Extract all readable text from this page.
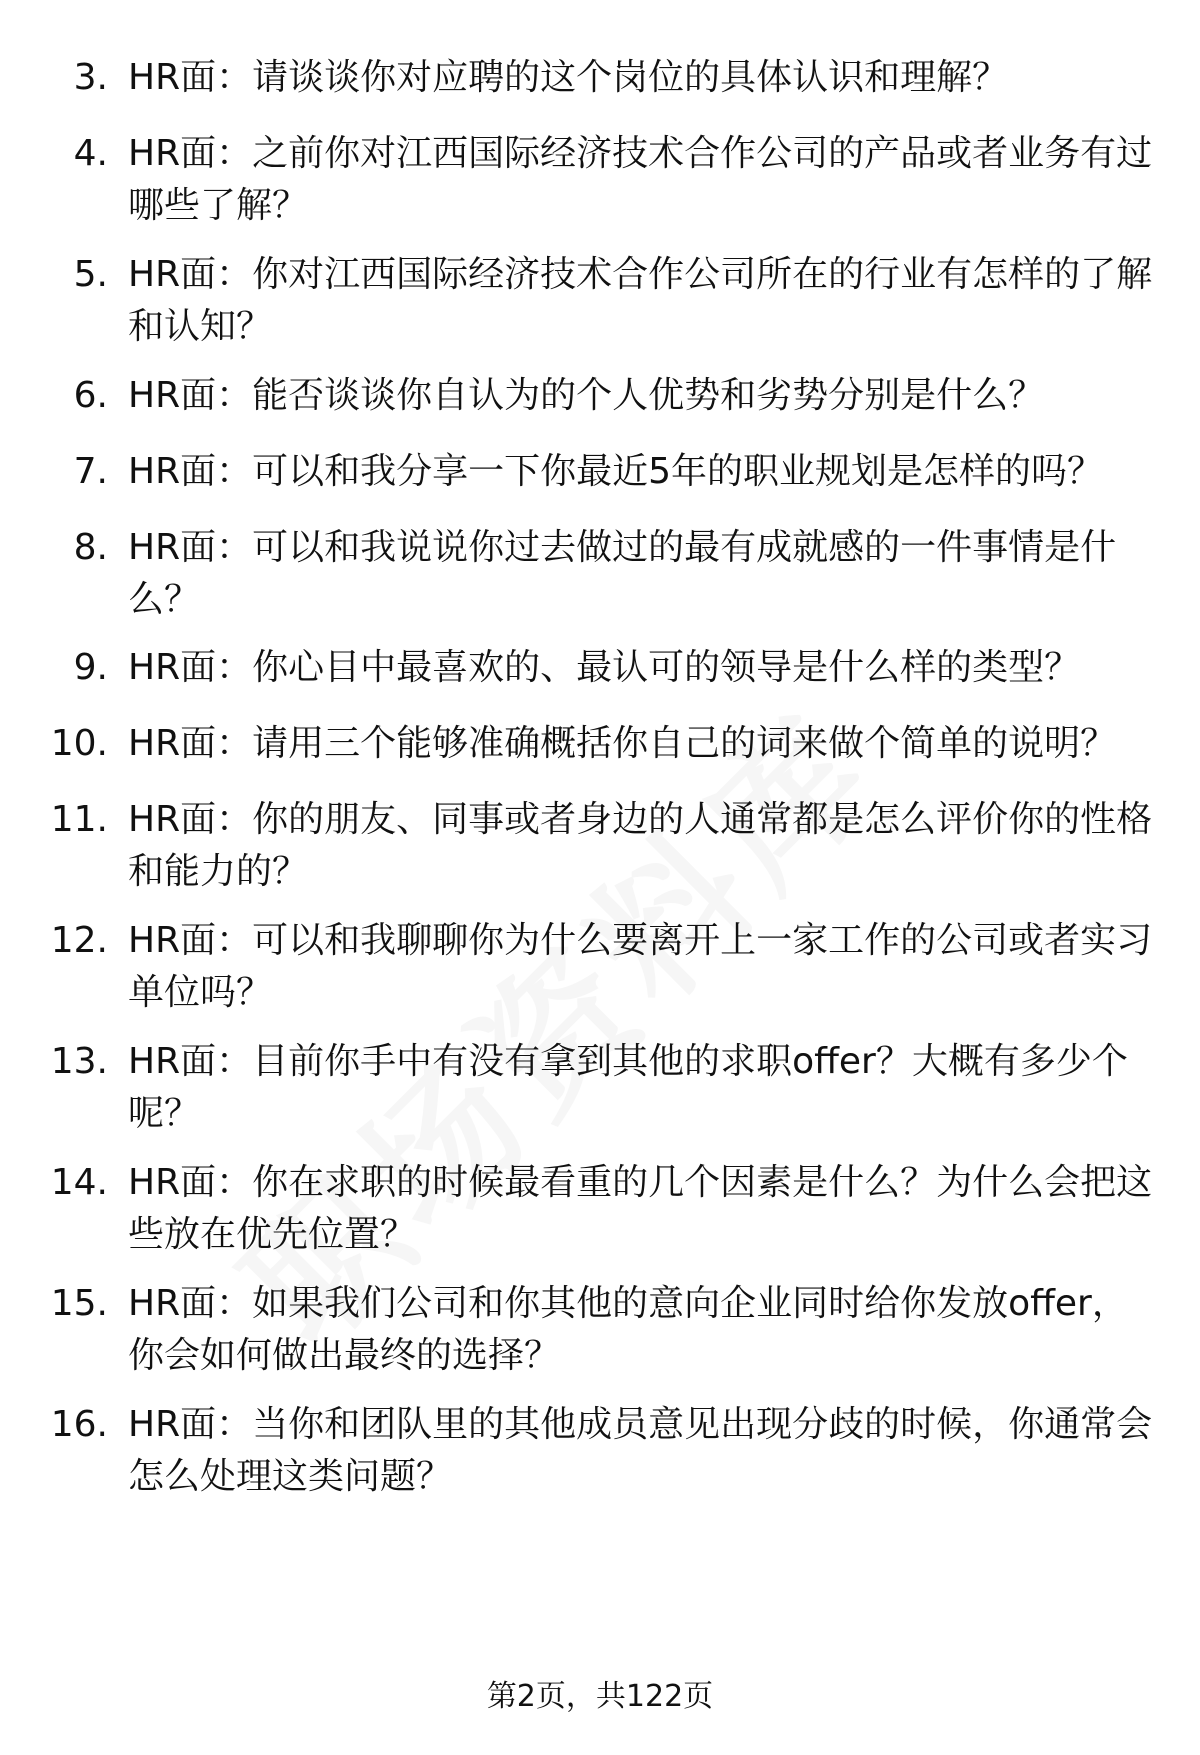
3. HR面：请谈谈你对应聘的这个岗位的具体认识和理解？
4. HR面：之前你对江西国际经济技术合作公司的产品或者业务有过哪些了解？
5. HR面：你对江西国际经济技术合作公司所在的行业有怎样的了解和认知？
6. HR面：能否谈谈你自认为的个人优势和劣势分别是什么？
7. HR面：可以和我分享一下你最近5年的职业规划是怎样的吗？
8. HR面：可以和我说说你过去做过的最有成就感的一件事情是什么？
9. HR面：你心目中最喜欢的、最认可的领导是什么样的类型？
10. HR面：请用三个能够准确概括你自己的词来做个简单的说明？
11. HR面：你的朋友、同事或者身边的人通常都是怎么评价你的性格和能力的？
12. HR面：可以和我聊聊你为什么要离开上一家工作的公司或者实习单位吗？
13. HR面：目前你手中有没有拿到其他的求职offer？大概有多少个呢？
14. HR面：你在求职的时候最看重的几个因素是什么？为什么会把这些放在优先位置？
15. HR面：如果我们公司和你其他的意向企业同时给你发放offer，你会如何做出最终的选择？
16. HR面：当你和团队里的其他成员意见出现分歧的时候，你通常会怎么处理这类问题？
第2页，共122页
